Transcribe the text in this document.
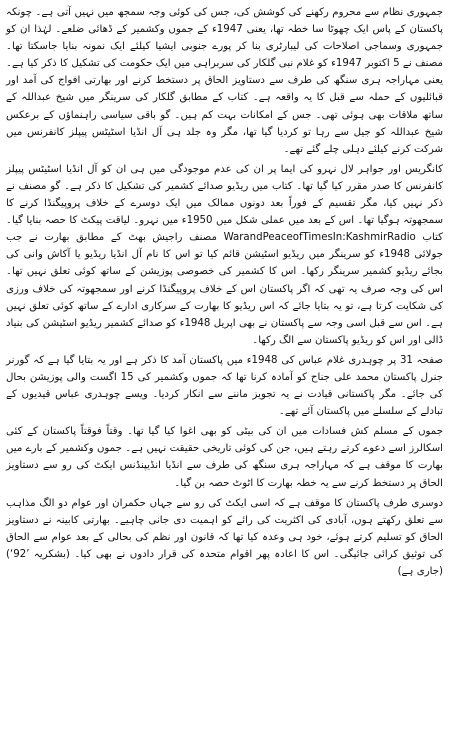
جمہوری نظام سے محروم رکھنے کی کوشش کی، جس کی کوئی وجہ سمجھ میں نہیں آتی ہے۔ چونکہ پاکستان کے پاس ایک چھوٹا سا خطہ تھا، یعنی 1947ء کے جموں وکشمیر کے ڈھائی ضلعے۔ لہٰذا ان کو جمہوری وسماجی اصلاحات کی لیبارٹری بنا کر پورے جنوبی ایشیا کیلئے ایک نمونہ بنایا جاسکتا تھا۔ مصنف نے 5 اکتوبر 1947ء کو غلام نبی گلکار کی سربراہی میں ایک حکومت کی تشکیل کا ذکر کیا ہے۔ یعنی مہاراجہ ہری سنگھ کی طرف سے دستاویز الحاق پر دستخط کرنے اور بھارتی افواج کی آمد اور قبائلیوں کے حملہ سے قبل کا یہ واقعہ ہے۔ کتاب کے مطابق گلکار کی سرینگر میں شیخ عبداللہ کے ساتھ ملاقات بھی ہوئی تھی۔ جس کے امکانات بہت کم ہیں۔ گو باقی سیاسی راہنماؤں کے برعکس شیخ عبداللہ کو جیل سے رہا تو کردیا گیا تھا، مگر وہ جلد ہی آل انڈیا اسٹیٹس پیپلز کانفرنس میں شرکت کرنے کیلئے دہلی چلے گئے تھے۔

کانگریس اور جواہر لال نہرو کی ایما پر ان کی عدم موجودگی میں ہی ان کو آل انڈیا اسٹیٹس پیپلز کانفرنس کا صدر مقرر کیا گیا تھا۔ کتاب میں ریڈیو صدائے کشمیر کی تشکیل کا ذکر ہے۔ گو مصنف نے ذکر نہیں کیا، مگر تقسیم کے فوراً بعد دونوں ممالک میں ایک دوسرے کے خلاف پروپیگنڈا کرنے کا سمجھوتہ ہوگیا تھا۔ اس کے بعد میں عملی شکل میں 1950ء میں نہرو۔ لیاقت پیکٹ کا حصہ بنایا گیا۔ کتاب WarandPeaceofTimesIn:KashmirRadio مصنف راجیش بھٹ کے مطابق بھارت نے جب جولائی 1948ء کو سرینگر میں ریڈیو اسٹیشن قائم کیا تو اس کا نام آل انڈیا ریڈیو یا آکاش وانی کی بجائے ریڈیو کشمیر سرینگر رکھا۔ اس کا کشمیر کی خصوصی پوزیشن کے ساتھ کوئی تعلق نہیں تھا۔ اس کی وجہ صرف یہ تھی کہ اگر پاکستان اس کے خلاف پروپیگنڈا کرنے اور سمجھوتہ کی خلاف ورزی کی شکایت کرتا ہے، تو یہ بتایا جائے کہ اس ریڈیو کا بھارت کے سرکاری ادارے کے ساتھ کوئی تعلق نہیں ہے۔ اس سے قبل اسی وجہ سے پاکستان نے بھی اپریل 1948ء کو صدائے کشمیر ریڈیو اسٹیشن کی بنیاد ڈالی اور اس کو ریڈیو پاکستان سے الگ رکھا۔

صفحہ 31 پر چوہدری غلام عباس کی 1948ء میں پاکستان آمد کا ذکر ہے اور یہ بتایا گیا ہے کہ گورنر جنرل پاکستان محمد علی جناح کو آمادہ کرنا تھا کہ جموں وکشمیر کی 15 اگست والی پوزیشن بحال کی جائے۔ مگر پاکستانی قیادت نے یہ تجویز ماننے سے انکار کردیا۔ ویسے چوہدری عباس قیدیوں کے تبادلے کے سلسلے میں پاکستان آئے تھے۔

جموں کے مسلم کش فسادات میں ان کی بیٹی کو بھی اغوا کیا گیا تھا۔ وقتاً فوقتاً پاکستان کے کئی اسکالرز اسے دعوے کرتے رہتے ہیں، جن کی کوئی تاریخی حقیقت نہیں ہے۔ جموں وکشمیر کے بارے میں بھارت کا موقف ہے کہ مہاراجہ ہری سنگھ کی طرف سے انڈیا انڈیپنڈنس ایکٹ کی رو سے دستاویز الحاق پر دستخط کرنے سے یہ خطہ بھارت کا اٹوٹ حصہ بن گیا۔

دوسری طرف پاکستان کا موقف ہے کہ اسی ایکٹ کی رو سے جہاں حکمران اور عوام دو الگ مذاہب سے تعلق رکھتے ہوں، آبادی کی اکثریت کی رائے کو اہمیت دی جانی چاہیے۔ بھارتی کابینہ نے دستاویز الحاق کو تسلیم کرتے ہوئے، خود ہی وعدہ کیا تھا کہ قانون اور نظم کی بحالی کے بعد عوام سے الحاق کی توثیق کرائی جائیگی۔ اس کا اعادہ پھر اقوام متحدہ کی قرار دادوں نے بھی کیا۔ (بشکریہ ’92‘) (جاری ہے)
